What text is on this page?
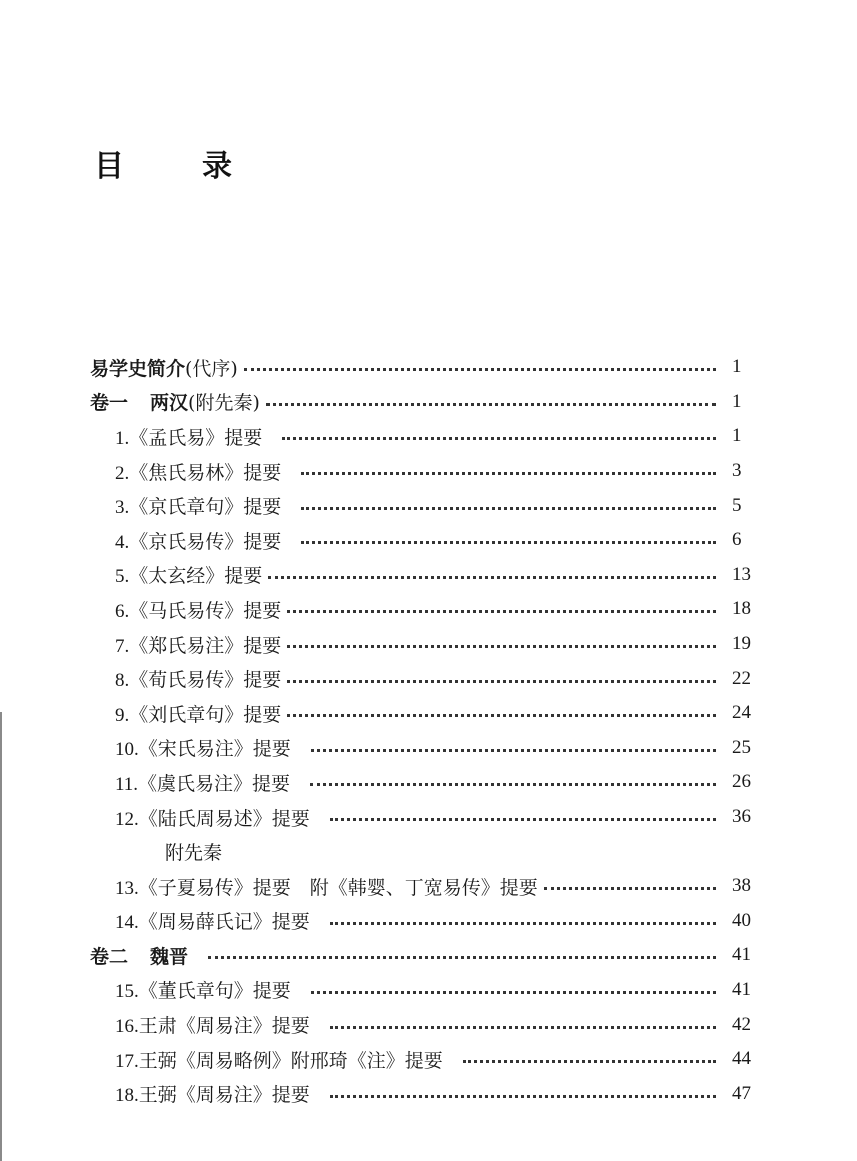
目	录
易学史简介(代序)	1
卷一 两汉(附先秦)	1
1.《孟氏易》提要	1
2.《焦氏易林》提要	3
3.《京氏章句》提要	5
4.《京氏易传》提要	6
5.《太玄经》提要	13
6.《马氏易传》提要	18
7.《郑氏易注》提要	19
8.《荀氏易传》提要	22
9.《刘氏章句》提要	24
10.《宋氏易注》提要	25
11.《虞氏易注》提要	26
12.《陆氏周易述》提要	36
附先秦
13.《子夏易传》提要　附《韩婴、丁宽易传》提要	38
14.《周易薛氏记》提要	40
卷二 魏晋	41
15.《董氏章句》提要	41
16.王肃《周易注》提要	42
17.王弼《周易略例》附邢琦《注》提要	44
18.王弼《周易注》提要	47
